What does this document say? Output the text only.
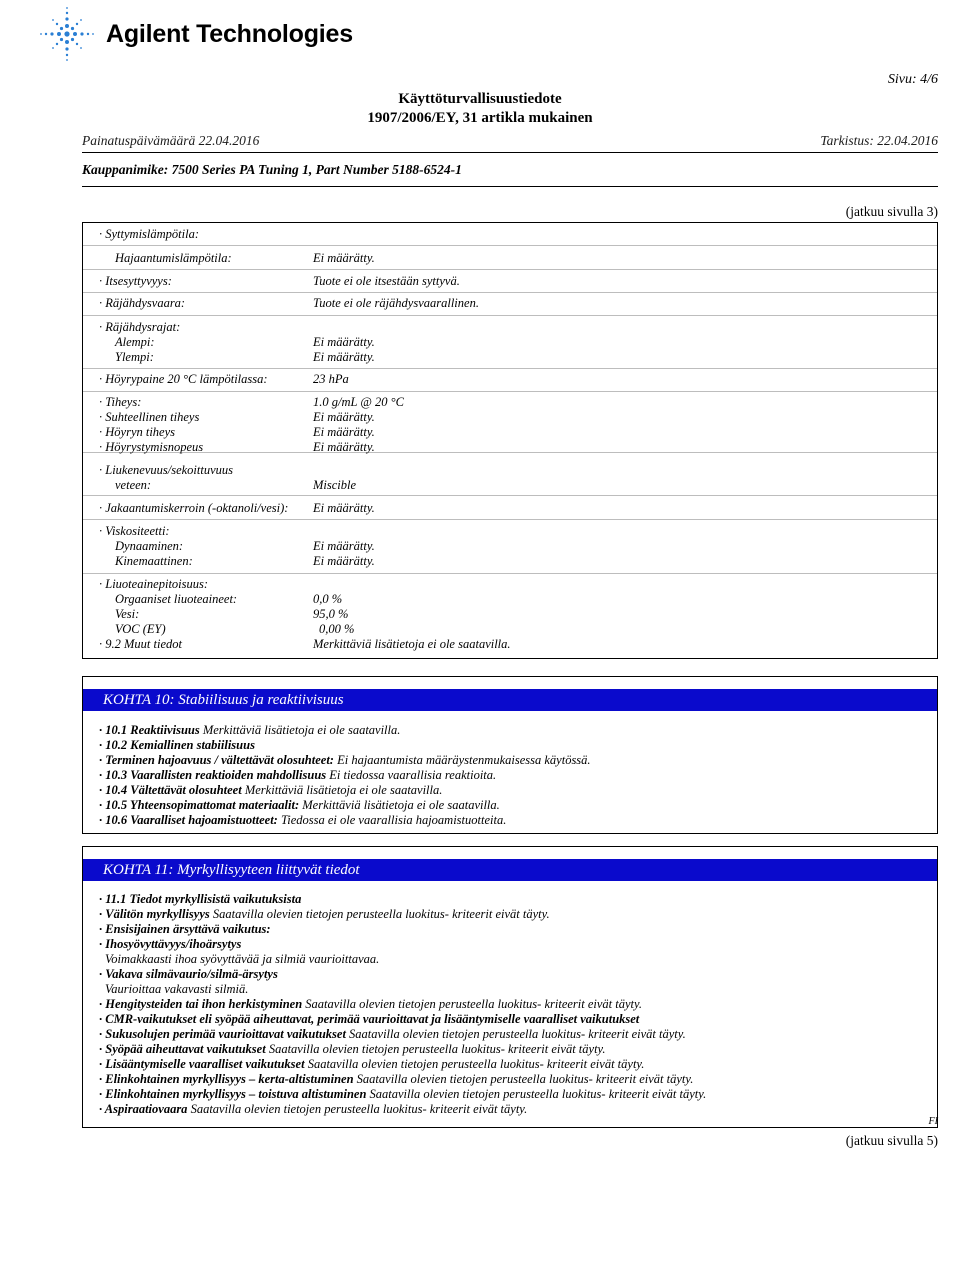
Agilent Technologies
Sivu: 4/6
Käyttöturvallisuustiedote
1907/2006/EY, 31 artikla mukainen
Painatuspäivämäärä 22.04.2016	Tarkistus: 22.04.2016
Kauppanimike: 7500 Series PA Tuning 1, Part Number 5188-6524-1
(jatkuu sivulla 3)
· Syttymislämpötila:
Hajaantumislämpötila:	Ei määrätty.
· Itsesyttyvyys:	Tuote ei ole itsestään syttyvä.
· Räjähdysvaara:	Tuote ei ole räjähdysvaarallinen.
· Räjähdysrajat:
Alempi:	Ei määrätty.
Ylempi:	Ei määrätty.
· Höyrypaine 20 °C lämpötilassa:	23 hPa
· Tiheys:	1.0 g/mL @ 20 °C
· Suhteellinen tiheys	Ei määrätty.
· Höyryn tiheys	Ei määrätty.
· Höyrystymisnopeus	Ei määrätty.
· Liukenevuus/sekoittuvuus
veteen:	Miscible
· Jakaantumiskerroin (-oktanoli/vesi): Ei määrätty.
· Viskositeetti:
Dynaaminen:	Ei määrätty.
Kinemaattinen:	Ei määrätty.
· Liuoteainepitoisuus:
Orgaaniset liuoteaineet:	0,0 %
Vesi:	95,0 %
VOC (EY)	0,00 %
· 9.2 Muut tiedot	Merkittäviä lisätietoja ei ole saatavilla.
KOHTA 10: Stabiilisuus ja reaktiivisuus
· 10.1 Reaktiivisuus Merkittäviä lisätietoja ei ole saatavilla.
· 10.2 Kemiallinen stabiilisuus
· Terminen hajoavuus / vältettävät olosuhteet: Ei hajaantumista määräystenmukaisessa käytössä.
· 10.3 Vaarallisten reaktioiden mahdollisuus Ei tiedossa vaarallisia reaktioita.
· 10.4 Vältettävät olosuhteet Merkittäviä lisätietoja ei ole saatavilla.
· 10.5 Yhteensopimattomat materiaalit: Merkittäviä lisätietoja ei ole saatavilla.
· 10.6 Vaaralliset hajoamistuotteet: Tiedossa ei ole vaarallisia hajoamistuotteita.
KOHTA 11: Myrkyllisyyteen liittyvät tiedot
· 11.1 Tiedot myrkyllisistä vaikutuksista
· Välitön myrkyllisyys Saatavilla olevien tietojen perusteella luokitus- kriteerit eivät täyty.
· Ensisijainen ärsyttävä vaikutus:
· Ihosyövyttävyys/ihoärsytys
Voimakkaasti ihoa syövyttävää ja silmiä vaurioittavaa.
· Vakava silmävaurio/silmä-ärsytys
Vaurioittaa vakavasti silmiä.
· Hengitysteiden tai ihon herkistyminen Saatavilla olevien tietojen perusteella luokitus- kriteerit eivät täyty.
· CMR-vaikutukset eli syöpää aiheuttavat, perimää vaurioittavat ja lisääntymiselle vaaralliset vaikutukset
· Sukusolujen perimää vaurioittavat vaikutukset Saatavilla olevien tietojen perusteella luokitus- kriteerit eivät täyty.
· Syöpää aiheuttavat vaikutukset Saatavilla olevien tietojen perusteella luokitus- kriteerit eivät täyty.
· Lisääntymiselle vaaralliset vaikutukset Saatavilla olevien tietojen perusteella luokitus- kriteerit eivät täyty.
· Elinkohtainen myrkyllisyys – kerta-altistuminen Saatavilla olevien tietojen perusteella luokitus- kriteerit eivät täyty.
· Elinkohtainen myrkyllisyys – toistuva altistuminen Saatavilla olevien tietojen perusteella luokitus- kriteerit eivät täyty.
· Aspiraatiovaara Saatavilla olevien tietojen perusteella luokitus- kriteerit eivät täyty.
FI
(jatkuu sivulla 5)
